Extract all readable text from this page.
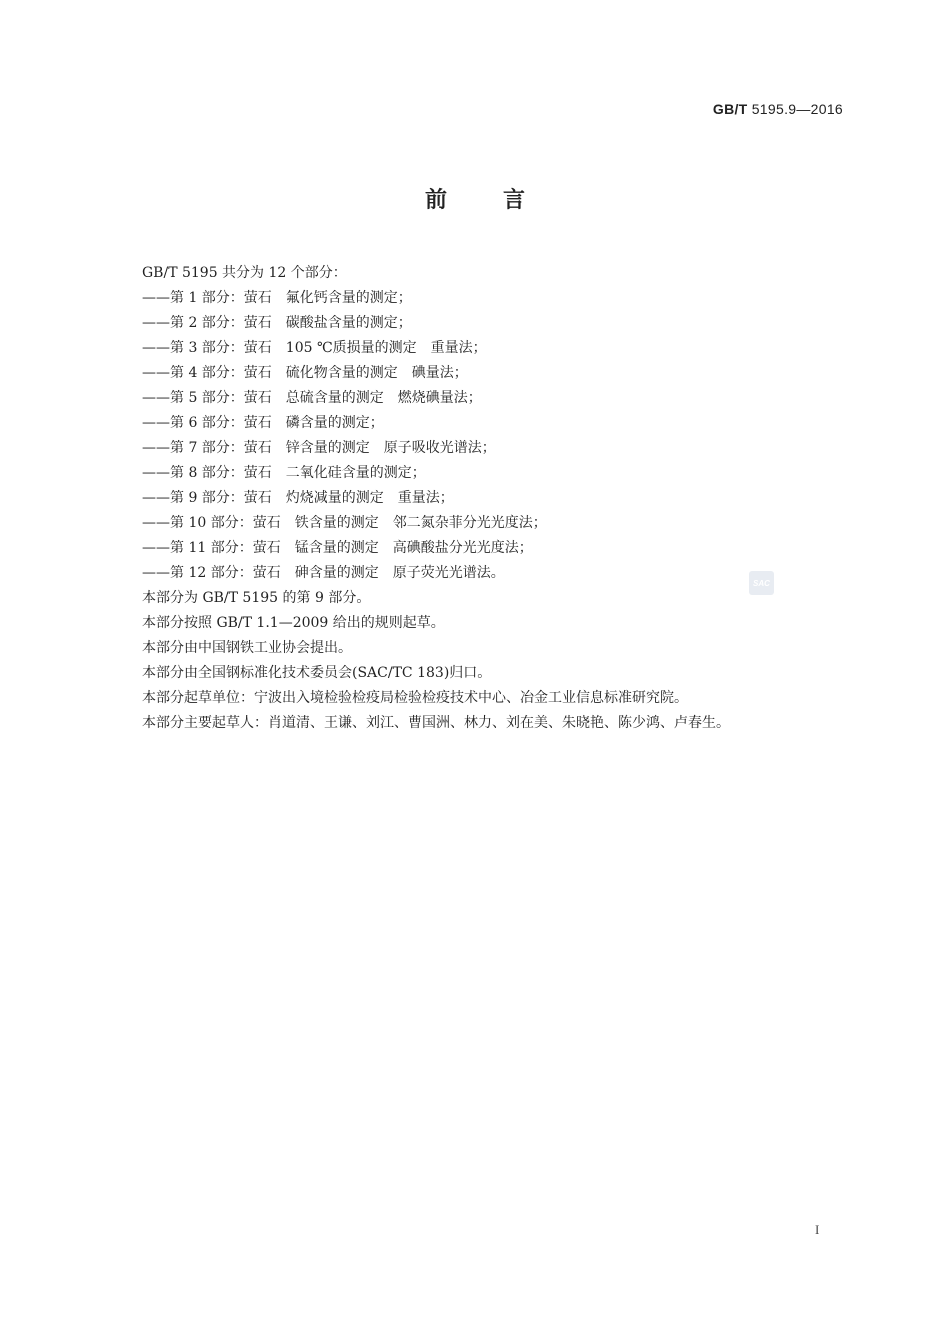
GB/T 5195.9—2016
前言
GB/T 5195 共分为 12 个部分：
——第 1 部分：萤石　氟化钙含量的测定；
——第 2 部分：萤石　碳酸盐含量的测定；
——第 3 部分：萤石　105 ℃质损量的测定　重量法；
——第 4 部分：萤石　硫化物含量的测定　碘量法；
——第 5 部分：萤石　总硫含量的测定　燃烧碘量法；
——第 6 部分：萤石　磷含量的测定；
——第 7 部分：萤石　锌含量的测定　原子吸收光谱法；
——第 8 部分：萤石　二氧化硅含量的测定；
——第 9 部分：萤石　灼烧减量的测定　重量法；
——第 10 部分：萤石　铁含量的测定　邻二氮杂菲分光光度法；
——第 11 部分：萤石　锰含量的测定　高碘酸盐分光光度法；
——第 12 部分：萤石　砷含量的测定　原子荧光光谱法。
本部分为 GB/T 5195 的第 9 部分。
本部分按照 GB/T 1.1—2009 给出的规则起草。
本部分由中国钢铁工业协会提出。
本部分由全国钢标准化技术委员会(SAC/TC 183)归口。
本部分起草单位：宁波出入境检验检疫局检验检疫技术中心、冶金工业信息标准研究院。
本部分主要起草人：肖道清、王谦、刘江、曹国洲、林力、刘在美、朱晓艳、陈少鸿、卢春生。
SAC
I
